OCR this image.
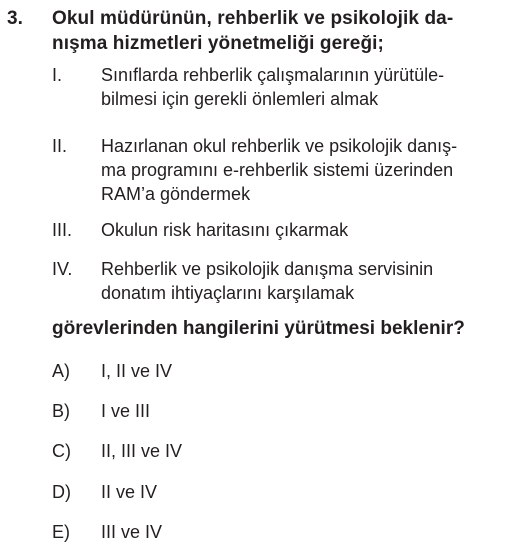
3. Okul müdürünün, rehberlik ve psikolojik da-
nışma hizmetleri yönetmeliği gereği;
I. Sınıflarda rehberlik çalışmalarının yürütüle-
bilmesi için gerekli önlemleri almak
II. Hazırlanan okul rehberlik ve psikolojik danış-
ma programını e-rehberlik sistemi üzerinden
RAM’a göndermek
III. Okulun risk haritasını çıkarmak
IV. Rehberlik ve psikolojik danışma servisinin
donatım ihtiyaçlarını karşılamak
görevlerinden hangilerini yürütmesi beklenir?
A) I, II ve IV
B) I ve III
C) II, III ve IV
D) II ve IV
E) III ve IV
